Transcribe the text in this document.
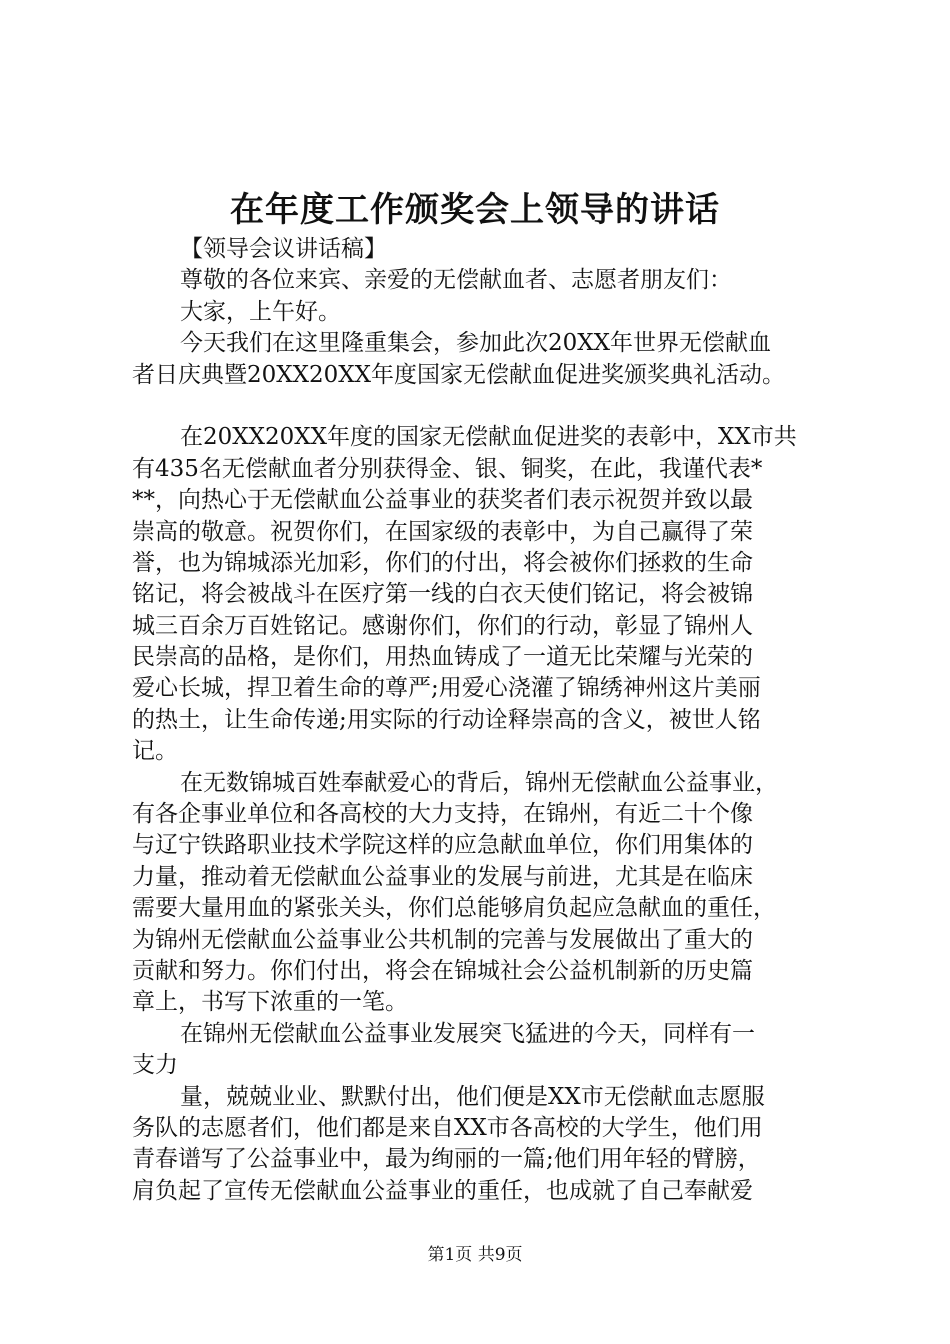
在年度工作颁奖会上领导的讲话
【领导会议讲话稿】
尊敬的各位来宾、亲爱的无偿献血者、志愿者朋友们：
大家，上午好。
今天我们在这里隆重集会，参加此次20XX年世界无偿献血
者日庆典暨20XX20XX年度国家无偿献血促进奖颁奖典礼活动。
在20XX20XX年度的国家无偿献血促进奖的表彰中，XX市共
有435名无偿献血者分别获得金、银、铜奖，在此，我谨代表*
**，向热心于无偿献血公益事业的获奖者们表示祝贺并致以最
崇高的敬意。祝贺你们，在国家级的表彰中，为自己赢得了荣
誉，也为锦城添光加彩，你们的付出，将会被你们拯救的生命
铭记，将会被战斗在医疗第一线的白衣天使们铭记，将会被锦
城三百余万百姓铭记。感谢你们，你们的行动，彰显了锦州人
民崇高的品格，是你们，用热血铸成了一道无比荣耀与光荣的
爱心长城，捍卫着生命的尊严;用爱心浇灌了锦绣神州这片美丽
的热土，让生命传递;用实际的行动诠释崇高的含义，被世人铭
记。
在无数锦城百姓奉献爱心的背后，锦州无偿献血公益事业，
有各企事业单位和各高校的大力支持，在锦州，有近二十个像
与辽宁铁路职业技术学院这样的应急献血单位，你们用集体的
力量，推动着无偿献血公益事业的发展与前进，尤其是在临床
需要大量用血的紧张关头，你们总能够肩负起应急献血的重任，
为锦州无偿献血公益事业公共机制的完善与发展做出了重大的
贡献和努力。你们付出，将会在锦城社会公益机制新的历史篇
章上，书写下浓重的一笔。
在锦州无偿献血公益事业发展突飞猛进的今天，同样有一
支力
量，兢兢业业、默默付出，他们便是XX市无偿献血志愿服
务队的志愿者们，他们都是来自XX市各高校的大学生，他们用
青春谱写了公益事业中，最为绚丽的一篇;他们用年轻的臂膀，
肩负起了宣传无偿献血公益事业的重任，也成就了自己奉献爱
第1页 共9页
